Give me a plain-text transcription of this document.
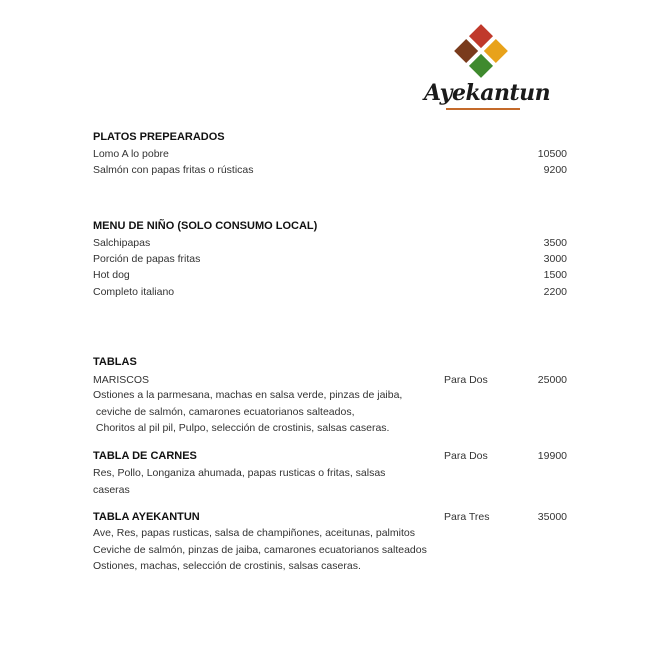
Ayekantun
PLATOS PREPEARADOS
Lomo A lo pobre	10500
Salmón con papas fritas o rústicas	9200
MENU DE NIÑO (SOLO CONSUMO LOCAL)
Salchipapas	3500
Porción de papas fritas	3000
Hot dog	1500
Completo italiano	2200
TABLAS
MARISCOS	Para Dos	25000
Ostiones a la parmesana, machas en salsa verde, pinzas de jaiba,
ceviche de salmón, camarones ecuatorianos salteados,
Choritos al pil pil, Pulpo, selección de crostinis, salsas caseras.
TABLA DE CARNES	Para Dos	19900
Res, Pollo, Longaniza ahumada, papas rusticas o fritas, salsas
caseras
TABLA AYEKANTUN	Para Tres	35000
Ave, Res, papas rusticas, salsa de champiñones, aceitunas, palmitos
Ceviche de salmón, pinzas de jaiba, camarones ecuatorianos salteados
Ostiones, machas, selección de crostinis, salsas caseras.
